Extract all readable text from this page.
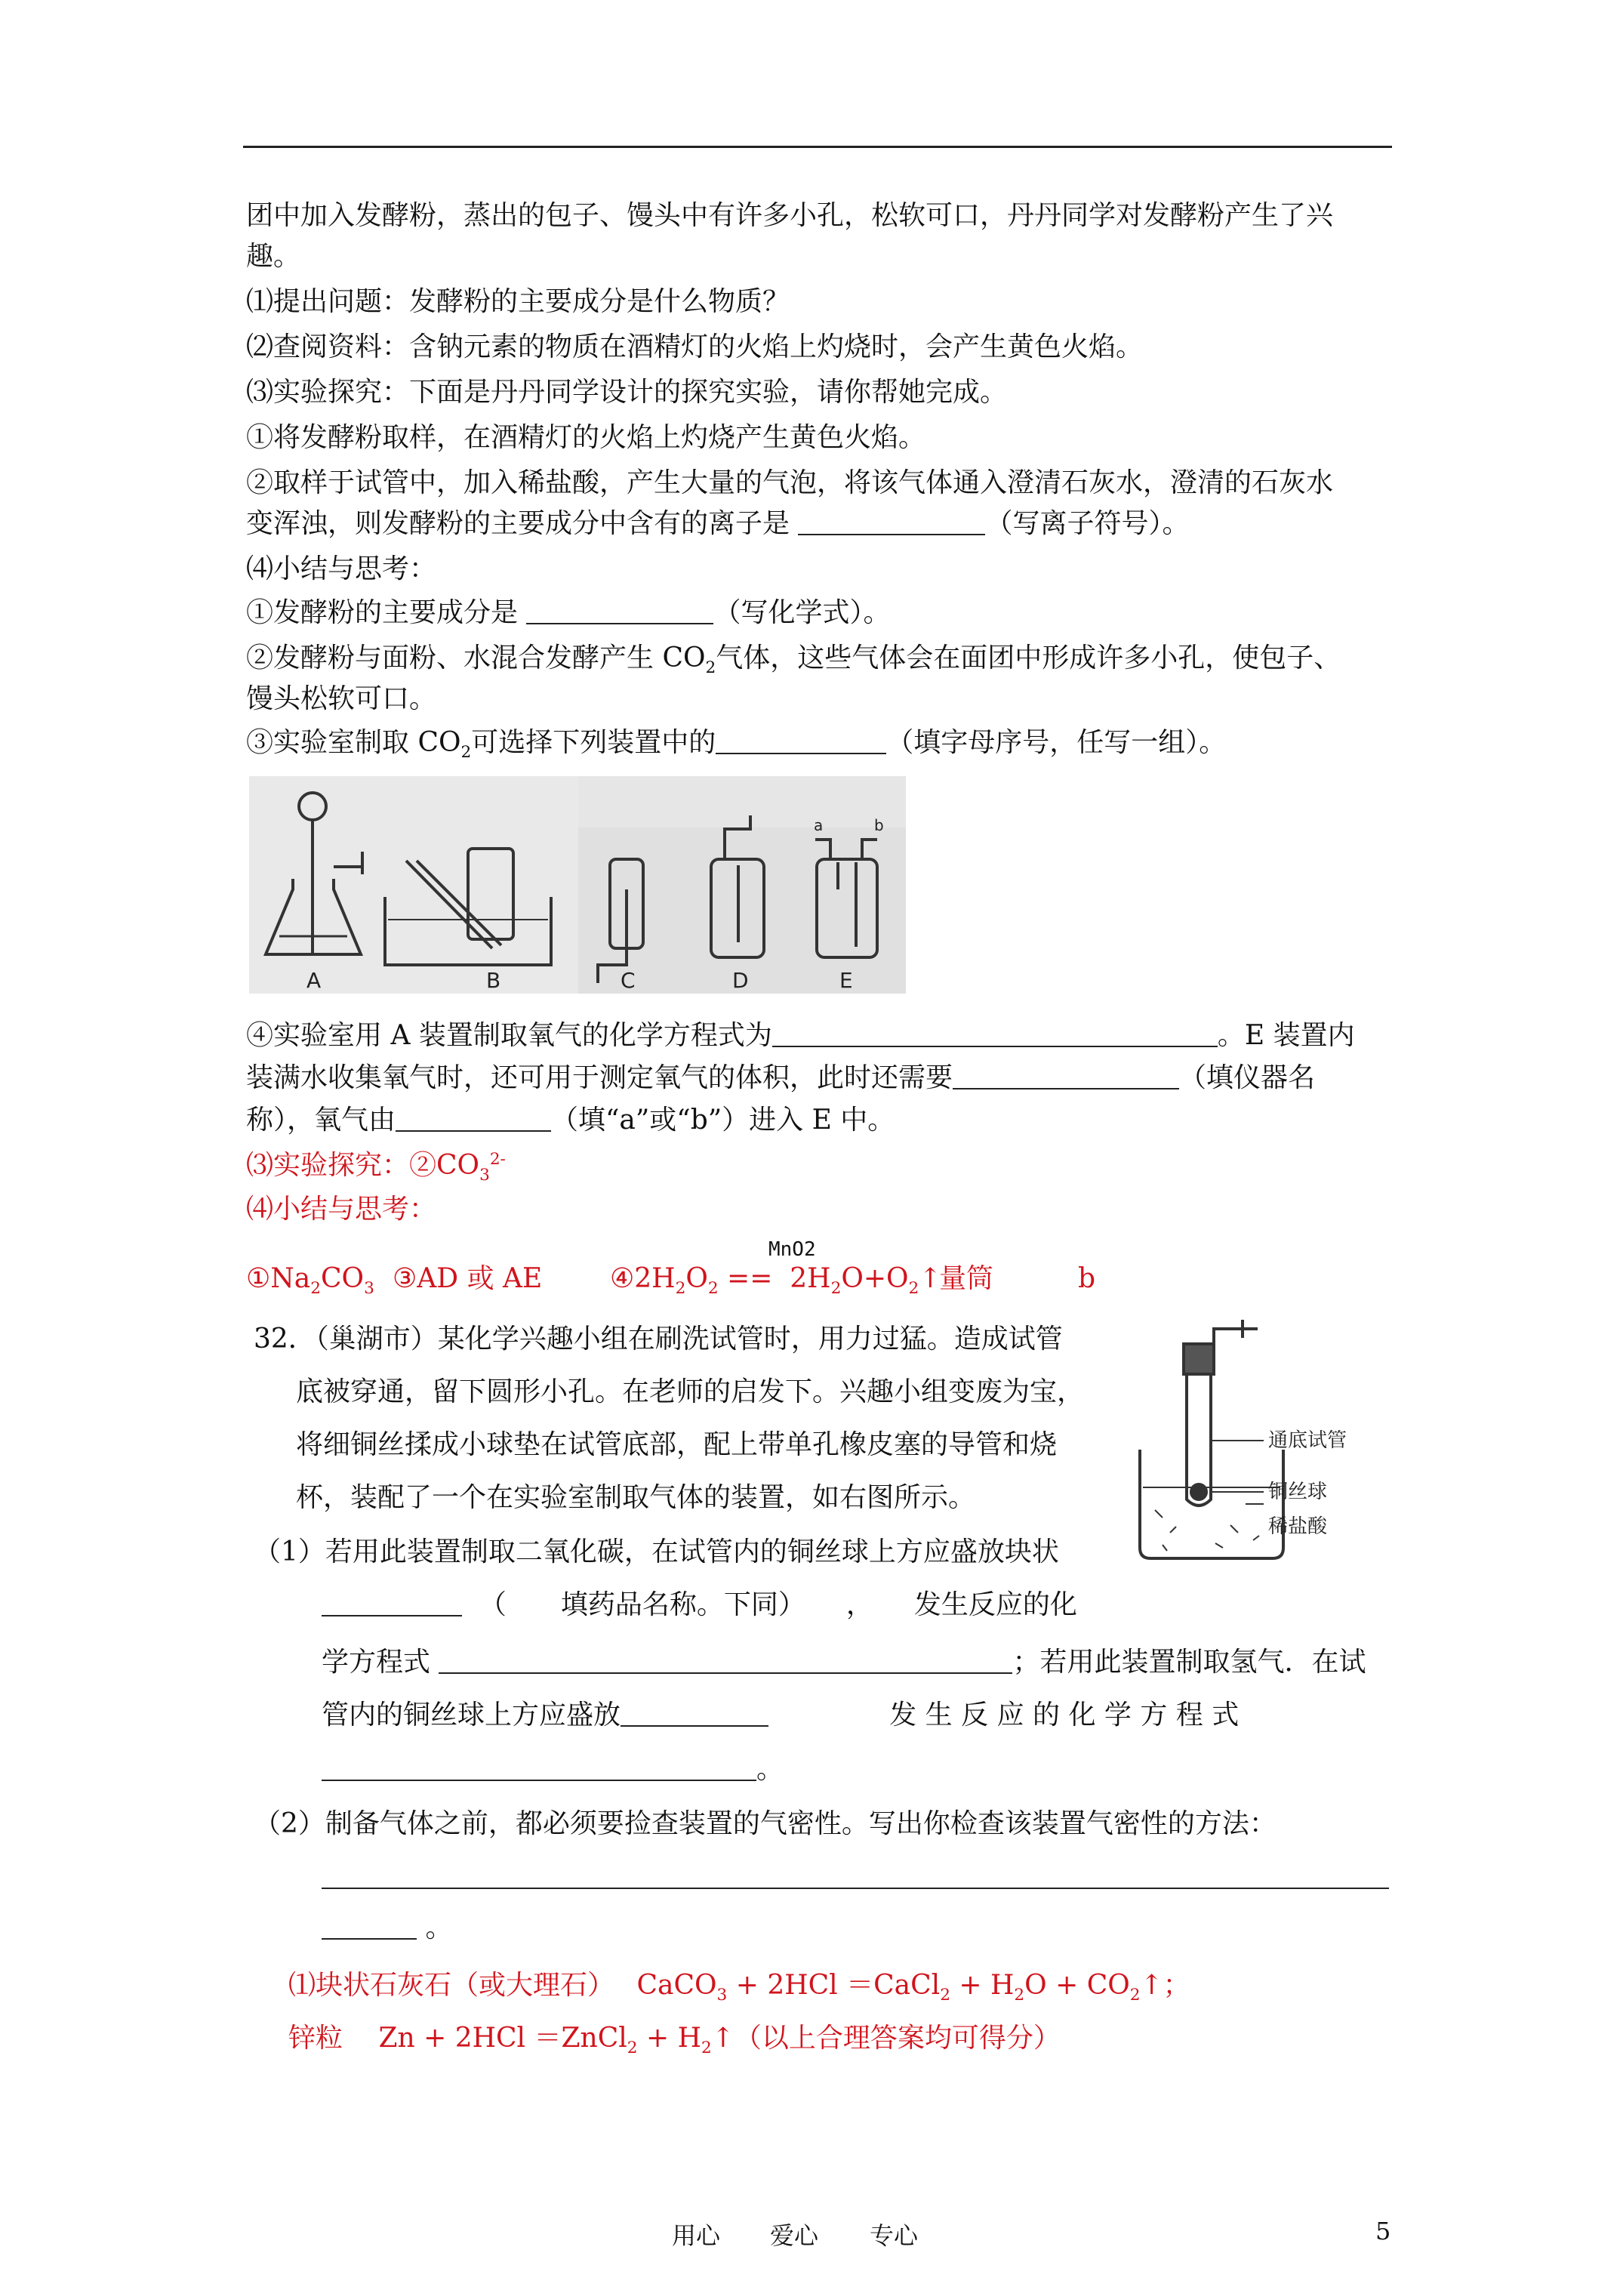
团中加入发酵粉，蒸出的包子、馒头中有许多小孔，松软可口，丹丹同学对发酵粉产生了兴
趣。
⑴提出问题：发酵粉的主要成分是什么物质？
⑵查阅资料：含钠元素的物质在酒精灯的火焰上灼烧时，会产生黄色火焰。
⑶实验探究：下面是丹丹同学设计的探究实验，请你帮她完成。
①将发酵粉取样，在酒精灯的火焰上灼烧产生黄色火焰。
②取样于试管中，加入稀盐酸，产生大量的气泡，将该气体通入澄清石灰水，澄清的石灰水
变浑浊，则发酵粉的主要成分中含有的离子是	（写离子符号）。
⑷小结与思考：
①发酵粉的主要成分是	（写化学式）。
②发酵粉与面粉、水混合发酵产生 $CO_2$气体，这些气体会在面团中形成许多小孔，使包子、
馒头松软可口。
③实验室制取 $CO_2$可选择下列装置中的	（填字母序号，任写一组）。
A	B	C	D	E
a	b
④实验室用 A 装置制取氧气的化学方程式为	。E 装置内
装满水收集氧气时，还可用于测定氧气的体积，此时还需要	（填仪器名
称），氧气由	（填“a”或“b”）进入 E 中。
⑶实验探究：$②CO_3^{2-}$
⑷小结与思考：
MnO2
$①Na_2CO_3$ ③AD 或 AE $④2H_2O_2$ ==  $2H_2O+O_2↑$
量筒	b
32．（巢湖市）某化学兴趣小组在刷洗试管时，用力过猛。造成试管
底被穿通，留下圆形小孔。在老师的启发下。兴趣小组变废为宝，
将细铜丝揉成小球垫在试管底部，配上带单孔橡皮塞的导管和烧
杯，装配了一个在实验室制取气体的装置，如右图所示。
通底试管
铜丝球
稀盐酸
（1）若用此装置制取二氧化碳，在试管内的铜丝球上方应盛放块状
（　　填药品名称。下同）　　，　　发生反应的化
学方程式	；若用此装置制取氢气．在试
管内的铜丝球上方应盛放	发 生 反 应 的 化 学 方 程 式
。
（2）制备气体之前，都必须要捡查装置的气密性。写出你检查该装置气密性的方法：
。
⑴块状石灰石（或大理石）　 CaCO$_3$ + 2HCl ＝CaCl$_2$ + $H_2O$ + $CO_2↑$；
锌粒　 Zn + 2HCl ＝ZnCl$_2$ + $H_2↑$（以上合理答案均可得分）
用心 爱心 专心	5
